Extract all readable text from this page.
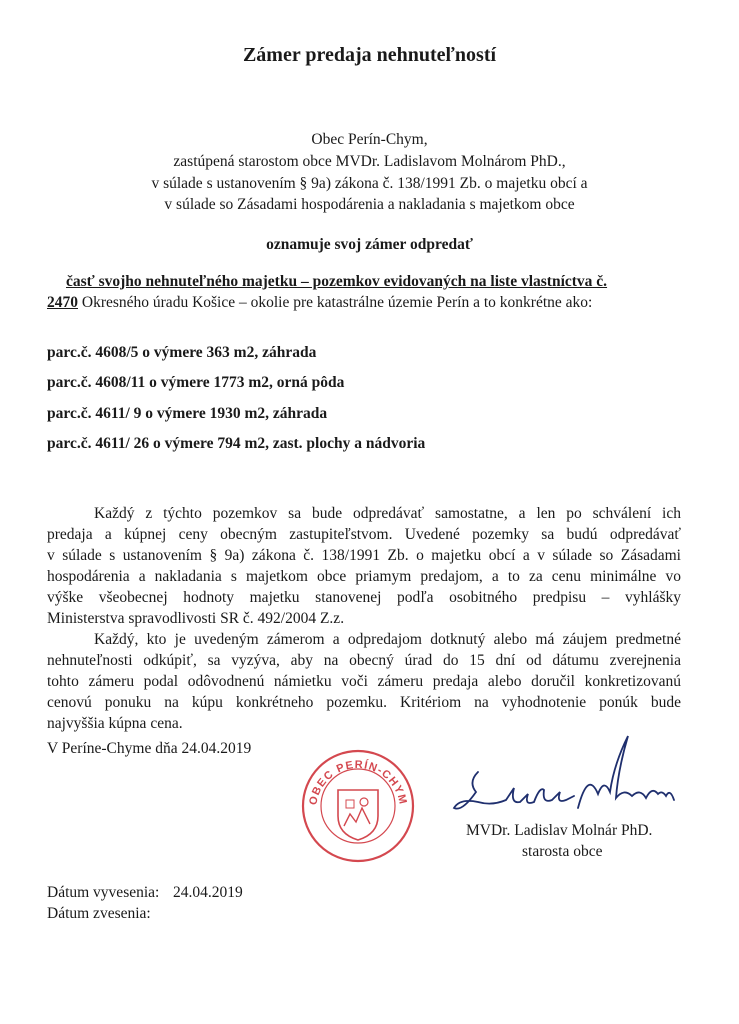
Zámer predaja nehnuteľností
Obec Perín-Chym,
zastúpená starostom obce MVDr. Ladislavom Molnárom PhD.,
v súlade s ustanovením § 9a) zákona č. 138/1991 Zb. o majetku obcí a
v súlade so Zásadami hospodárenia a nakladania s majetkom obce
oznamuje svoj zámer odpredať
časť svojho nehnuteľného majetku – pozemkov evidovaných na liste vlastníctva č.
2470 Okresného úradu Košice – okolie pre katastrálne územie Perín a to konkrétne ako:
parc.č. 4608/5 o výmere 363 m2, záhrada
parc.č. 4608/11 o výmere 1773 m2, orná pôda
parc.č. 4611/ 9 o výmere 1930 m2, záhrada
parc.č. 4611/ 26 o výmere 794 m2, zast. plochy a nádvoria
Každý z týchto pozemkov sa bude odpredávať samostatne, a len po schválení ich
predaja a kúpnej ceny obecným zastupiteľstvom. Uvedené pozemky sa budú odpredávať
v súlade s ustanovením § 9a) zákona č. 138/1991 Zb. o majetku obcí a v súlade so Zásadami
hospodárenia a nakladania s majetkom obce priamym predajom, a to za cenu minimálne vo
výške všeobecnej hodnoty majetku stanovenej podľa osobitného predpisu – vyhlášky
Ministerstva spravodlivosti SR č. 492/2004 Z.z.
Každý, kto je uvedeným zámerom a odpredajom dotknutý alebo má záujem predmetné
nehnuteľnosti odkúpiť, sa vyzýva, aby na obecný úrad do 15 dní od dátumu zverejnenia
tohto zámeru podal odôvodnenú námietku voči zámeru predaja alebo doručil konkretizovanú
cenovú ponuku na kúpu konkrétneho pozemku. Kritériom na vyhodnotenie ponúk bude
najvyššia kúpna cena.
V Períne-Chyme dňa 24.04.2019
OBEC PERÍN-CHYM
MVDr. Ladislav Molnár PhD.
starosta obce
Dátum vyvesenia: 24.04.2019
Dátum zvesenia:
